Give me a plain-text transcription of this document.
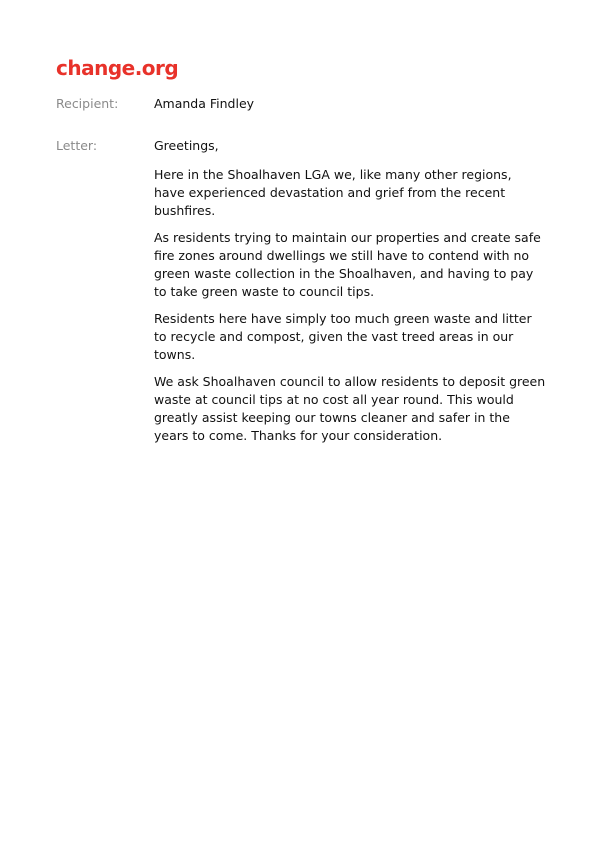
change.org
Recipient:	Amanda Findley
Letter:	Greetings,

Here in the Shoalhaven LGA we, like many other regions, have experienced devastation and grief from the recent bushfires.

As residents trying to maintain our properties and create safe fire zones around dwellings we still have to contend with no green waste collection in the Shoalhaven, and having to pay to take green waste to council tips.

Residents here have simply too much green waste and litter to recycle and compost, given the vast treed areas in our towns.

We ask Shoalhaven council to allow residents to deposit green waste at council tips at no cost all year round. This would greatly assist keeping our towns cleaner and safer in the years to come. Thanks for your consideration.
